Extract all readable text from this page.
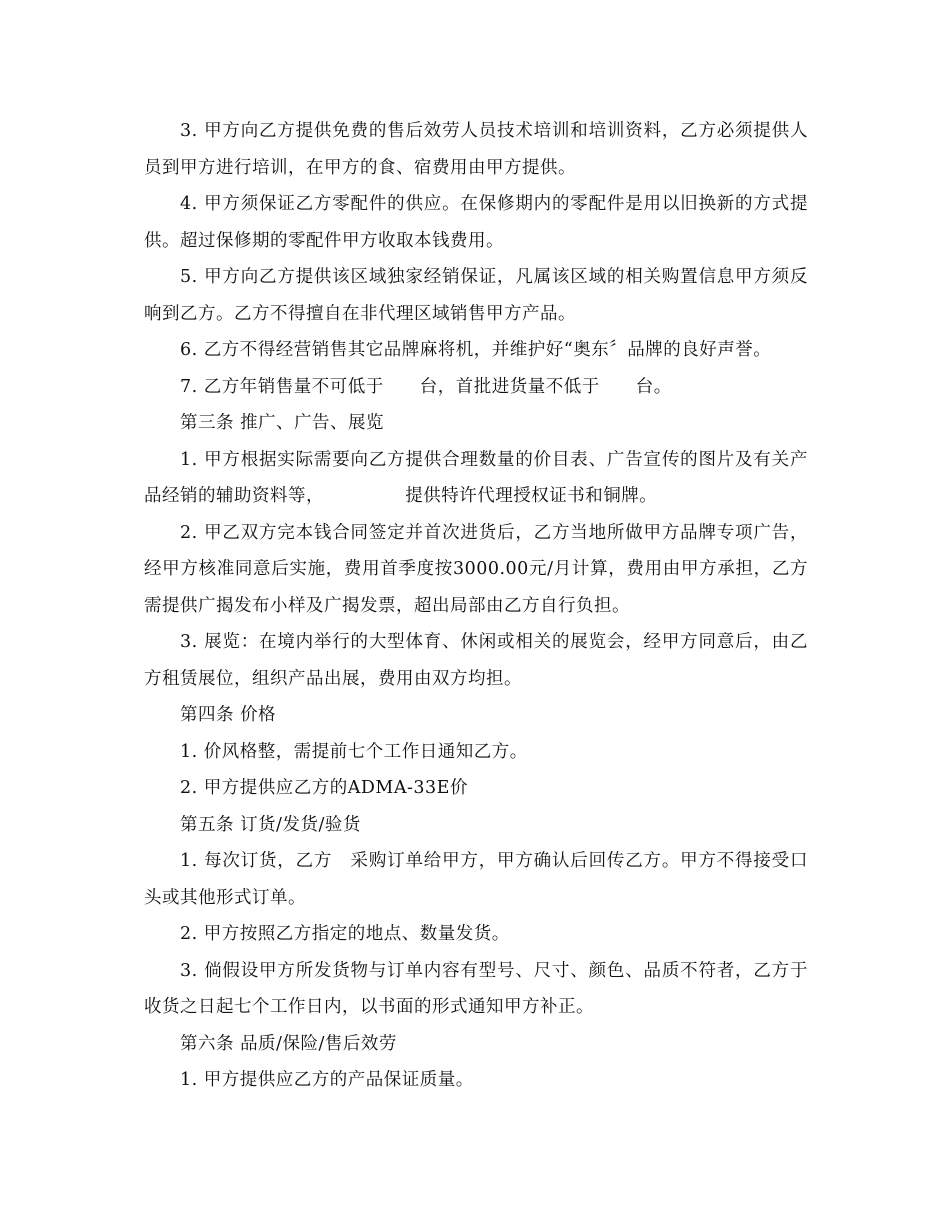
3. 甲方向乙方提供免费的售后效劳人员技术培训和培训资料，乙方必须提供人员到甲方进行培训，在甲方的食、宿费用由甲方提供。

4. 甲方须保证乙方零配件的供应。在保修期内的零配件是用以旧换新的方式提供。超过保修期的零配件甲方收取本钱费用。

5. 甲方向乙方提供该区域独家经销保证，凡属该区域的相关购置信息甲方须反响到乙方。乙方不得擅自在非代理区域销售甲方产品。

6. 乙方不得经营销售其它品牌麻将机，并维护好“奥东〞品牌的良好声誉。

7. 乙方年销售量不可低于　　台，首批进货量不低于　　台。

第三条 推广、广告、展览

1. 甲方根据实际需要向乙方提供合理数量的价目表、广告宣传的图片及有关产品经销的辅助资料等，　　　　　提供特许代理授权证书和铜牌。

2. 甲乙双方完本钱合同签定并首次进货后，乙方当地所做甲方品牌专项广告，经甲方核准同意后实施，费用首季度按3000.00元/月计算，费用由甲方承担，乙方需提供广揭发布小样及广揭发票，超出局部由乙方自行负担。

3. 展览：在境内举行的大型体育、休闲或相关的展览会，经甲方同意后，由乙方租赁展位，组织产品出展，费用由双方均担。

第四条 价格

1. 价风格整，需提前七个工作日通知乙方。

2. 甲方提供应乙方的ADMA-33E价

第五条 订货/发货/验货

1. 每次订货，乙方　采购订单给甲方，甲方确认后回传乙方。甲方不得接受口头或其他形式订单。

2. 甲方按照乙方指定的地点、数量发货。

3. 倘假设甲方所发货物与订单内容有型号、尺寸、颜色、品质不符者，乙方于收货之日起七个工作日内，以书面的形式通知甲方补正。

第六条 品质/保险/售后效劳

1. 甲方提供应乙方的产品保证质量。
